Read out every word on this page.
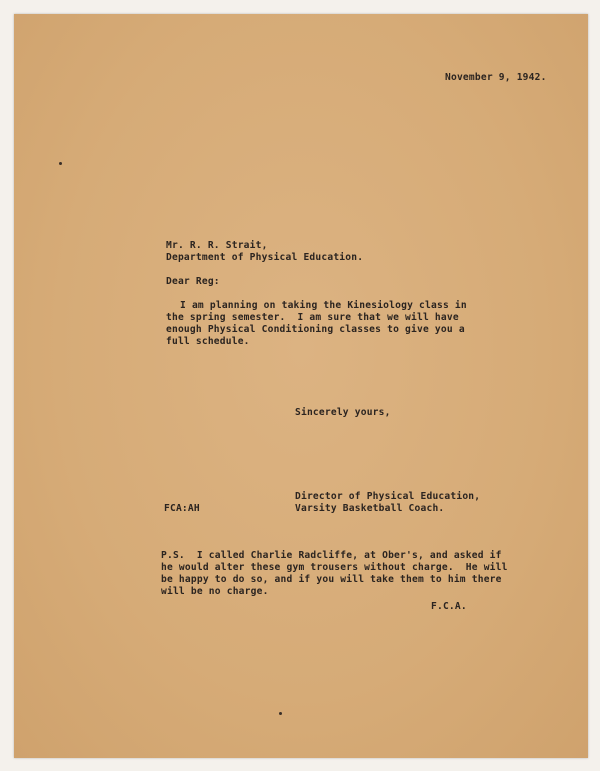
November 9, 1942.
Mr. R. R. Strait,
Department of Physical Education.
Dear Reg:
I am planning on taking the Kinesiology class in
the spring semester.  I am sure that we will have
enough Physical Conditioning classes to give you a
full schedule.
Sincerely yours,
Director of Physical Education,
Varsity Basketball Coach.
FCA:AH
P.S.  I called Charlie Radcliffe, at Ober's, and asked if
he would alter these gym trousers without charge.  He will
be happy to do so, and if you will take them to him there
will be no charge.
F.C.A.
